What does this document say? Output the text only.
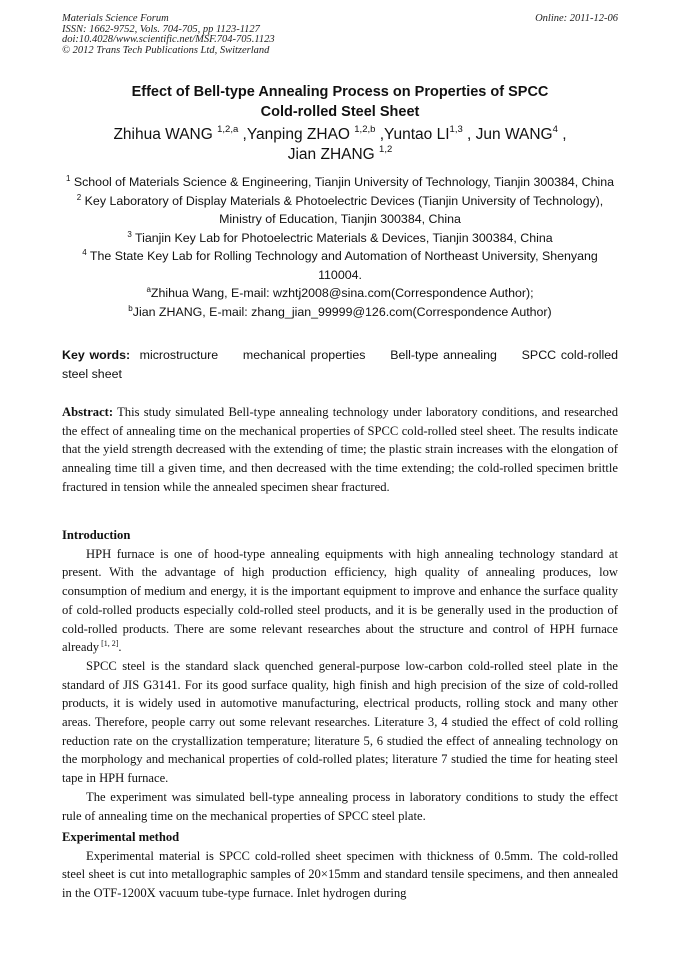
Materials Science Forum
ISSN: 1662-9752, Vols. 704-705, pp 1123-1127
doi:10.4028/www.scientific.net/MSF.704-705.1123
© 2012 Trans Tech Publications Ltd, Switzerland
Online: 2011-12-06
Effect of Bell-type Annealing Process on Properties of SPCC
Cold-rolled Steel Sheet
Zhihua WANG $^{1,2,a}$ ,Yanping ZHAO $^{1,2,b}$ ,Yuntao LI$^{1,3}$ , Jun WANG$^4$ ,
Jian ZHANG $^{1,2}$

$^1$ School of Materials Science & Engineering, Tianjin University of Technology, Tianjin 300384, China

$^2$ Key Laboratory of Display Materials & Photoelectric Devices (Tianjin University of Technology), Ministry of Education, Tianjin 300384, China

$^3$ Tianjin Key Lab for Photoelectric Materials & Devices, Tianjin 300384, China

$^4$ The State Key Lab for Rolling Technology and Automation of Northeast University, Shenyang 110004.

$^a$Zhihua Wang, E-mail: wzhtj2008@sina.com(Correspondence Author);

$^b$Jian ZHANG, E-mail: zhang_jian_99999@126.com(Correspondence Author)

Key words: microstructure mechanical properties Bell-type annealing SPCC cold-rolled steel sheet
Abstract: This study simulated Bell-type annealing technology under laboratory conditions, and researched the effect of annealing time on the mechanical properties of SPCC cold-rolled steel sheet. The results indicate that the yield strength decreased with the extending of time; the plastic strain increases with the elongation of annealing time till a given time, and then decreased with the time extending; the cold-rolled specimen brittle fractured in tension while the annealed specimen shear fractured.
Introduction

HPH furnace is one of hood-type annealing equipments with high annealing technology standard at present. With the advantage of high production efficiency, high quality of annealing produces, low consumption of medium and energy, it is the important equipment to improve and enhance the surface quality of cold-rolled products especially cold-rolled steel products, and it is be generally used in the production of cold-rolled products. There are some relevant researches about the structure and control of HPH furnace already [1, 2].

SPCC steel is the standard slack quenched general-purpose low-carbon cold-rolled steel plate in the standard of JIS G3141. For its good surface quality, high finish and high precision of the size of cold-rolled products, it is widely used in automotive manufacturing, electrical products, rolling stock and many other areas. Therefore, people carry out some relevant researches. Literature 3, 4 studied the effect of cold rolling reduction rate on the crystallization temperature; literature 5, 6 studied the effect of annealing technology on the morphology and mechanical properties of cold-rolled plates; literature 7 studied the time for heating steel tape in HPH furnace.

The experiment was simulated bell-type annealing process in laboratory conditions to study the effect rule of annealing time on the mechanical properties of SPCC steel plate.

Experimental method

Experimental material is SPCC cold-rolled sheet specimen with thickness of 0.5mm. The cold-rolled steel sheet is cut into metallographic samples of 20×15mm and standard tensile specimens, and then annealed in the OTF-1200X vacuum tube-type furnace. Inlet hydrogen during
